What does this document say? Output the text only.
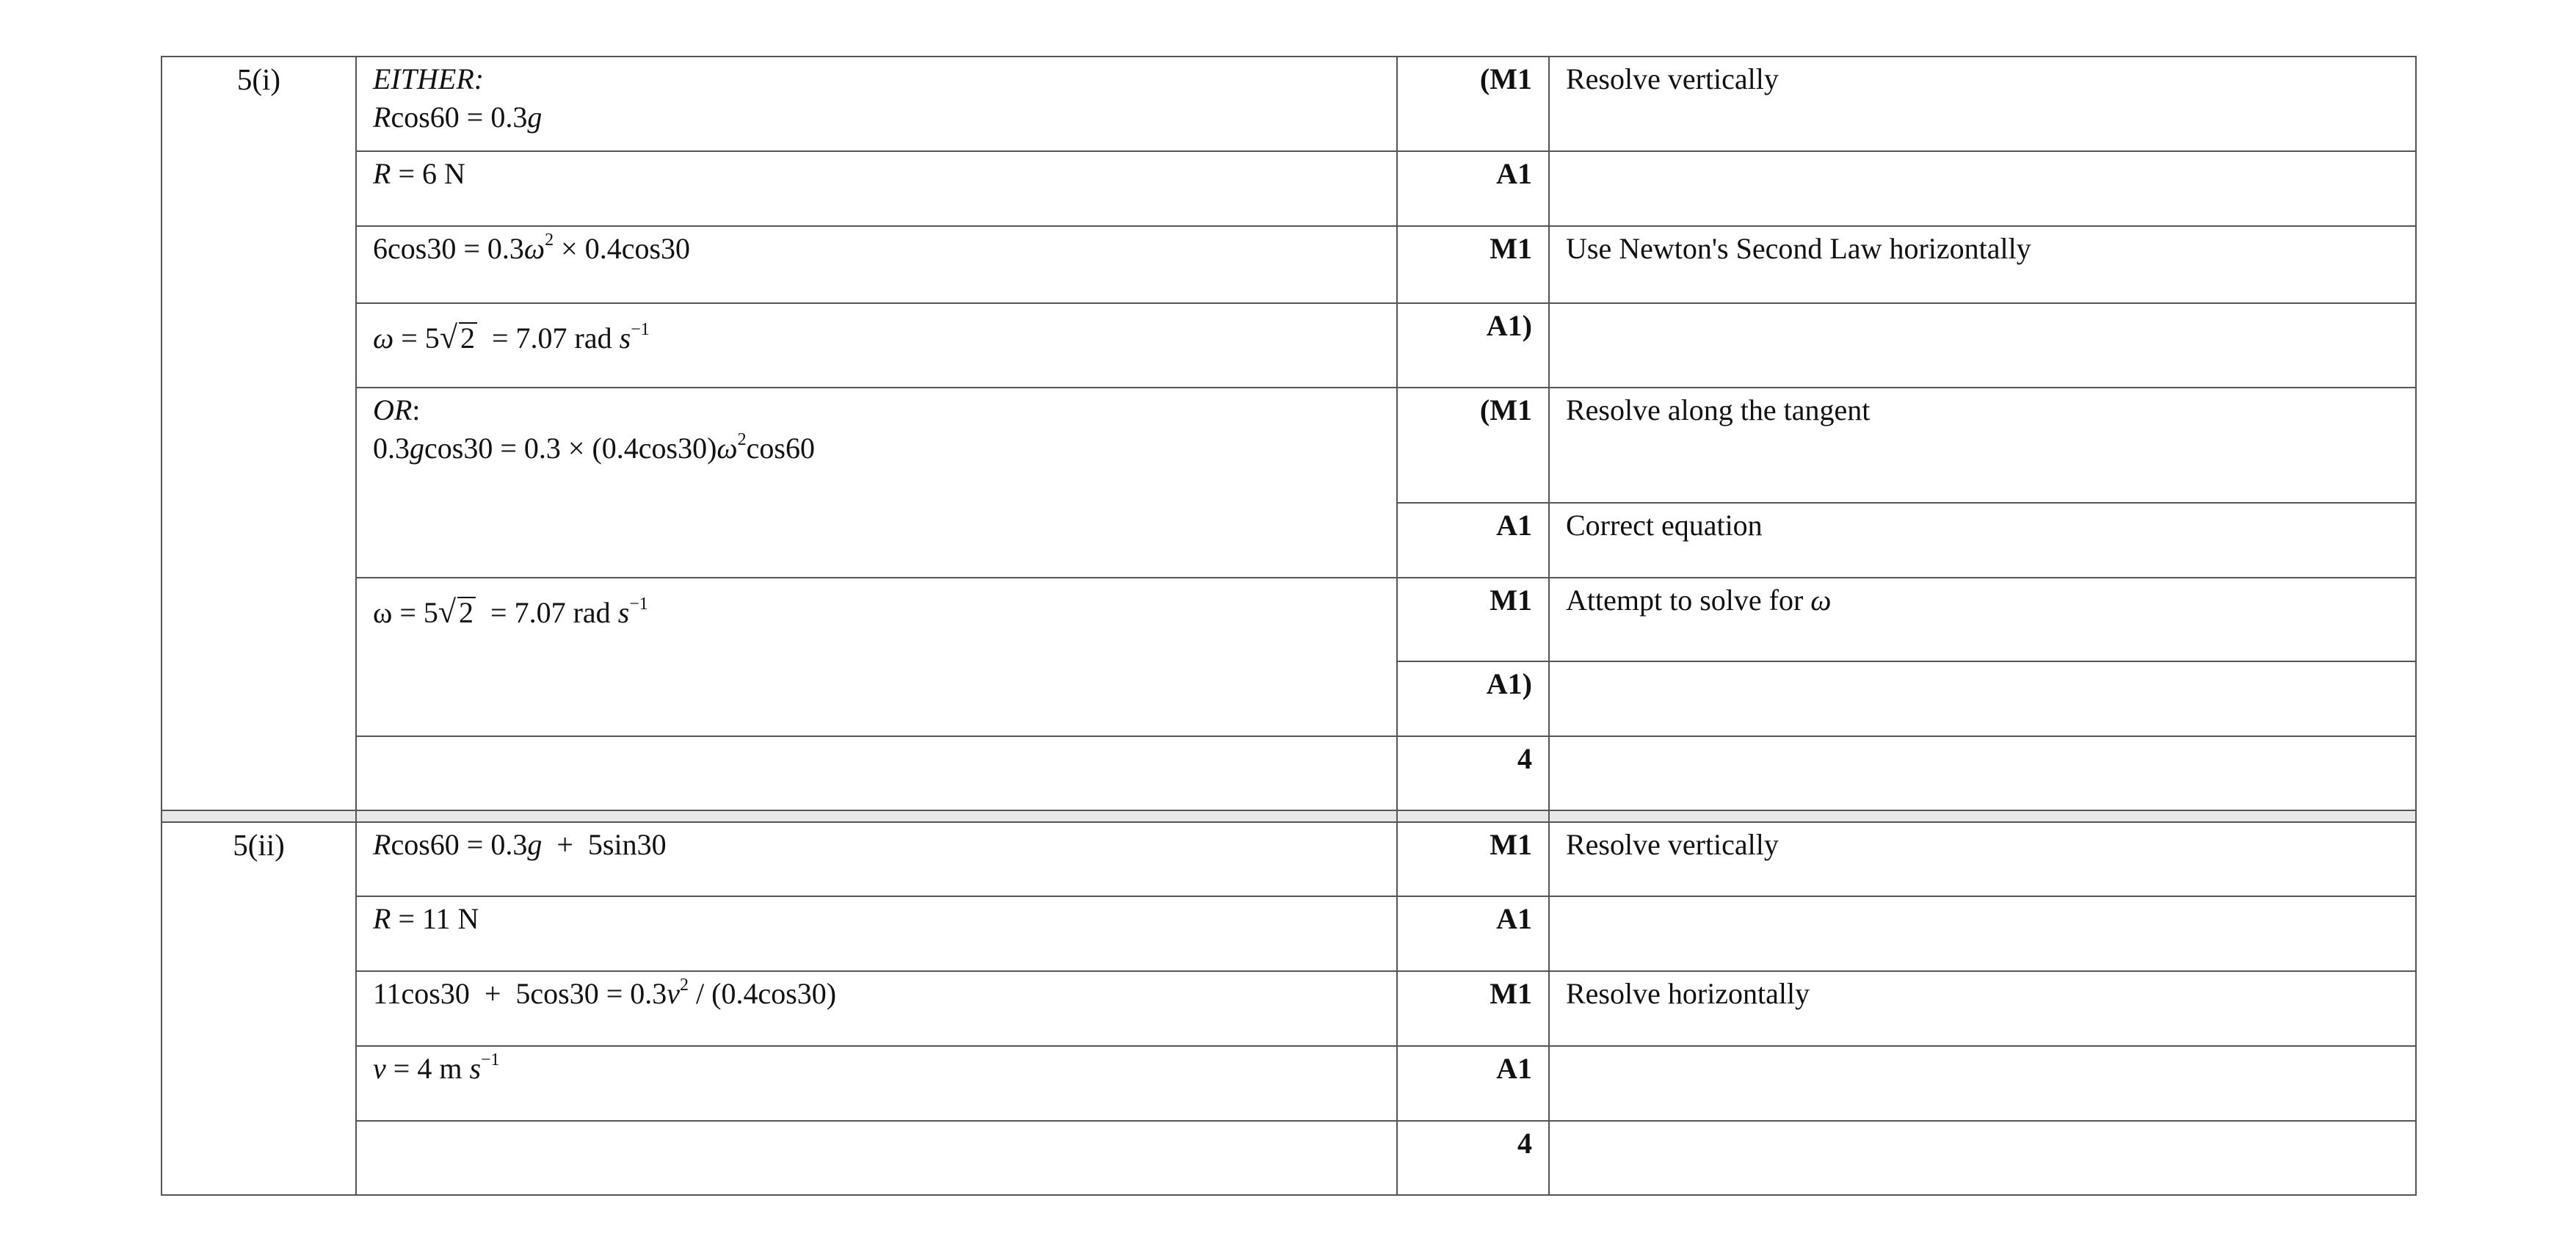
5(i)	EITHER:
Rcos60 = 0.3g	(M1	Resolve vertically
	R = 6 N	A1	
	$6\cos 30 = 0.3\omega^2 \times 0.4\cos 30$	M1	Use Newton's Second Law horizontally
	ω = 5√ 2  = 7.07 rad $s^{-1}$	A1)	

	OR:
$0.3gcos30 = 0.3 \times (0.4\cos 30)\omega^2\cos 60$	(M1	Resolve along the tangent
		A1	Correct equation
	ω = 5√ 2  = 7.07 rad $s^{-1}$	M1	Attempt to solve for ω
		A1)	
		4	

5(ii)	Rcos60 = 0.3g  +  5sin30	M1	Resolve vertically
	R = 11 N	A1	
	$11\cos 30 + 5\cos 30 = 0.3v^2 / (0.4\cos 30)$	M1	Resolve horizontally
	v = 4 m $s^{-1}$	A1	
		4	
